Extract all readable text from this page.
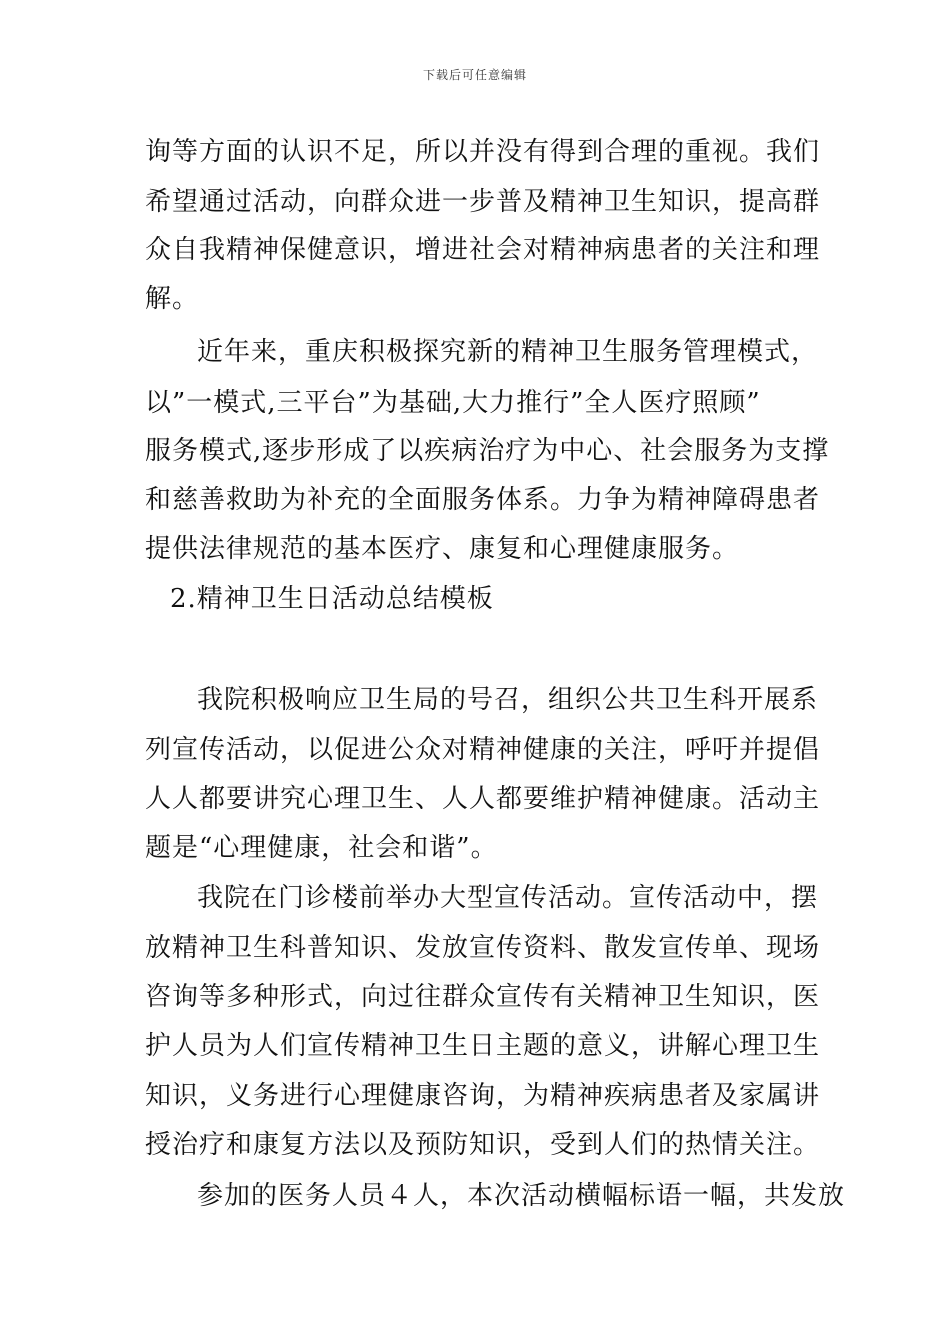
下载后可任意编辑
询等方面的认识不足，所以并没有得到合理的重视。我们
希望通过活动，向群众进一步普及精神卫生知识，提高群
众自我精神保健意识，增进社会对精神病患者的关注和理
解。
近年来，重庆积极探究新的精神卫生服务管理模式，
以”一模式,三平台”为基础,大力推行”全人医疗照顾”
服务模式,逐步形成了以疾病治疗为中心、社会服务为支撑
和慈善救助为补充的全面服务体系。力争为精神障碍患者
提供法律规范的基本医疗、康复和心理健康服务。
2.精神卫生日活动总结模板
我院积极响应卫生局的号召，组织公共卫生科开展系
列宣传活动，以促进公众对精神健康的关注，呼吁并提倡
人人都要讲究心理卫生、人人都要维护精神健康。活动主
题是“心理健康，社会和谐”。
我院在门诊楼前举办大型宣传活动。宣传活动中，摆
放精神卫生科普知识、发放宣传资料、散发宣传单、现场
咨询等多种形式，向过往群众宣传有关精神卫生知识，医
护人员为人们宣传精神卫生日主题的意义，讲解心理卫生
知识，义务进行心理健康咨询，为精神疾病患者及家属讲
授治疗和康复方法以及预防知识，受到人们的热情关注。
参加的医务人员４人，本次活动横幅标语一幅，共发放
